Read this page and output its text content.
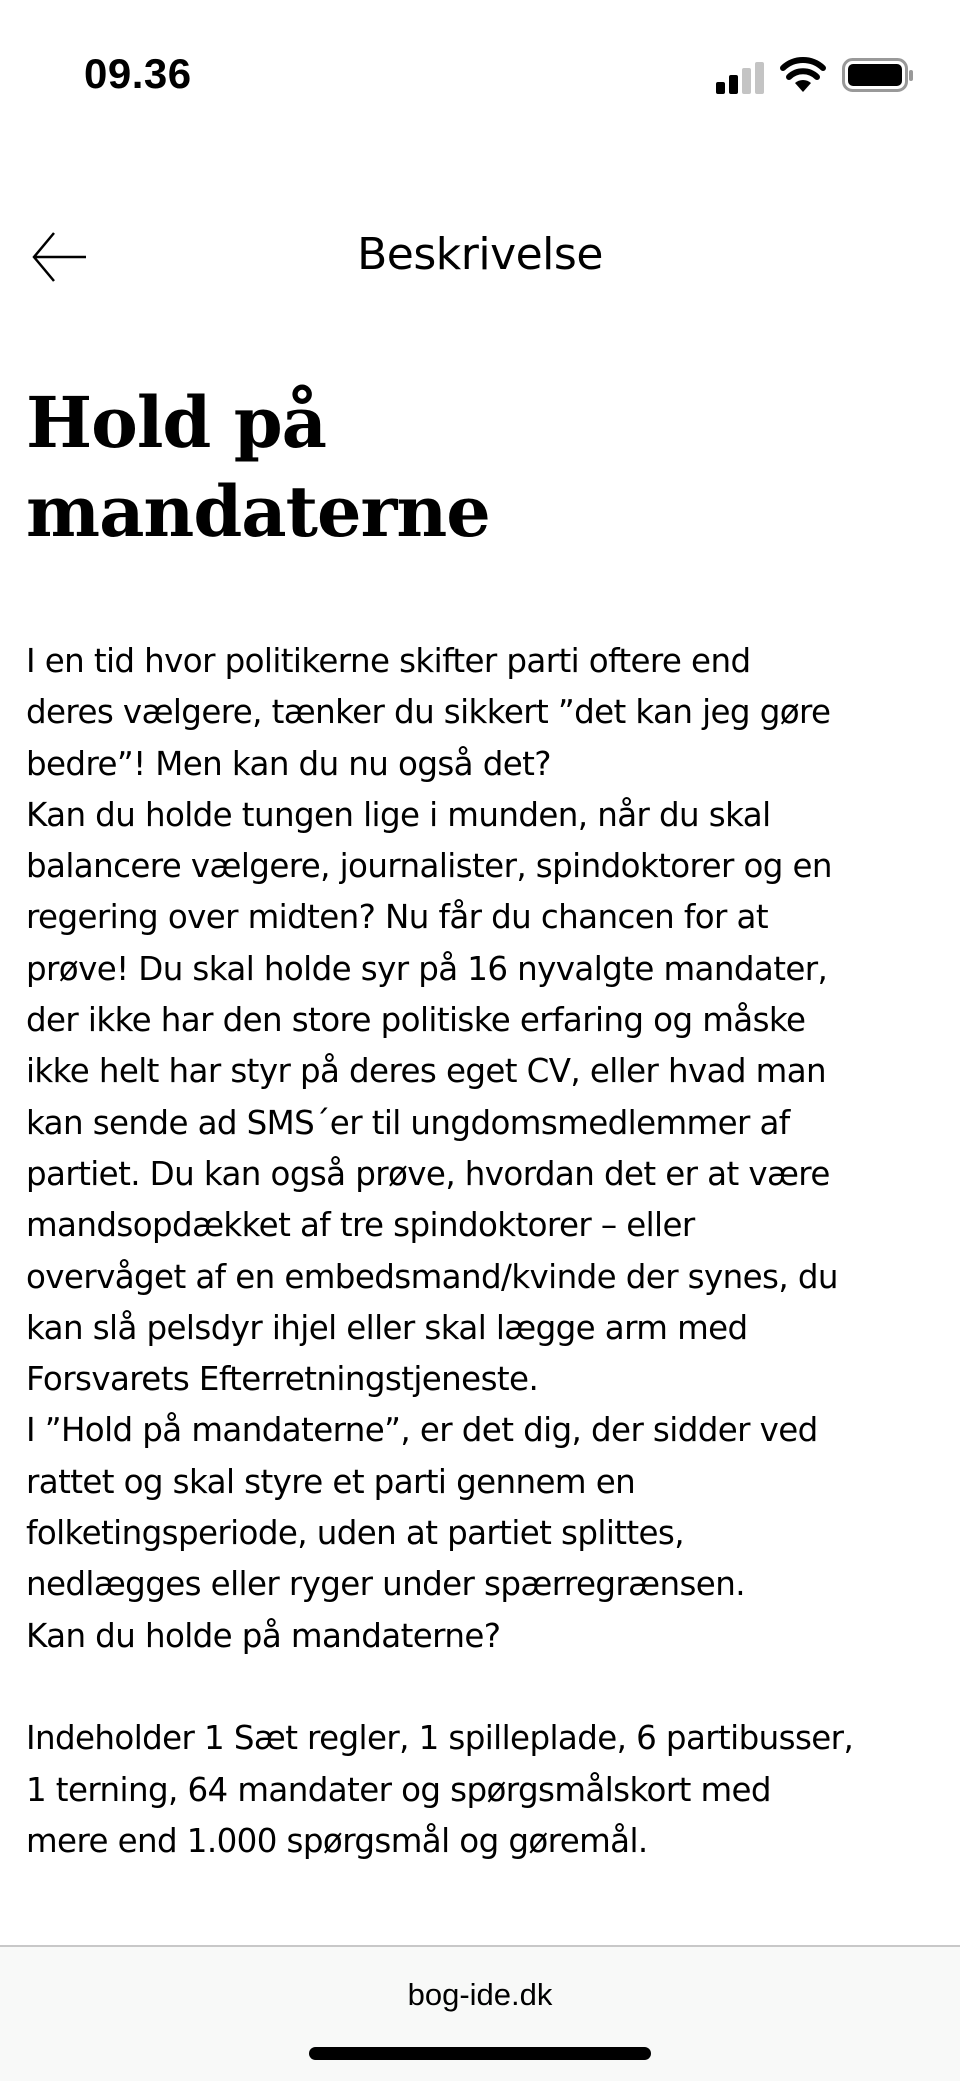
09.36
Beskrivelse
Hold på
mandaterne
I en tid hvor politikerne skifter parti oftere end
deres vælgere, tænker du sikkert ”det kan jeg gøre
bedre”! Men kan du nu også det?
Kan du holde tungen lige i munden, når du skal
balancere vælgere, journalister, spindoktorer og en
regering over midten? Nu får du chancen for at
prøve! Du skal holde syr på 16 nyvalgte mandater,
der ikke har den store politiske erfaring og måske
ikke helt har styr på deres eget CV, eller hvad man
kan sende ad SMS´er til ungdomsmedlemmer af
partiet. Du kan også prøve, hvordan det er at være
mandsopdækket af tre spindoktorer – eller
overvåget af en embedsmand/kvinde der synes, du
kan slå pelsdyr ihjel eller skal lægge arm med
Forsvarets Efterretningstjeneste.
I ”Hold på mandaterne”, er det dig, der sidder ved
rattet og skal styre et parti gennem en
folketingsperiode, uden at partiet splittes,
nedlægges eller ryger under spærregrænsen.
Kan du holde på mandaterne?
Indeholder 1 Sæt regler, 1 spilleplade, 6 partibusser,
1 terning, 64 mandater og spørgsmålskort med
mere end 1.000 spørgsmål og gøremål.
bog-ide.dk
